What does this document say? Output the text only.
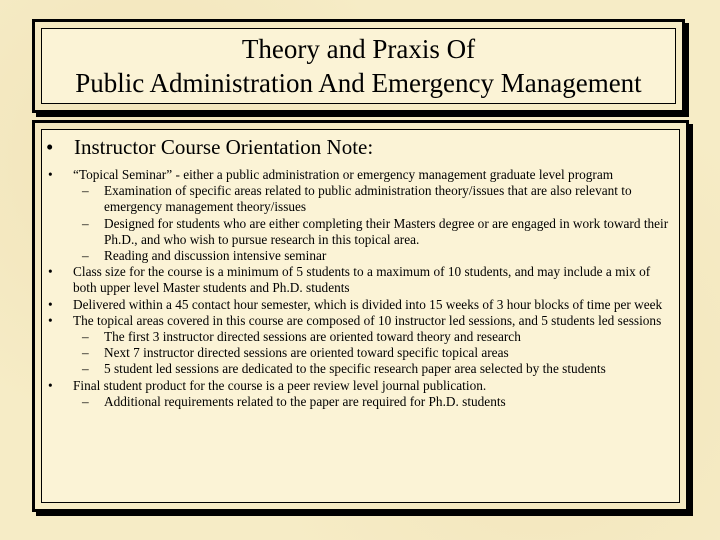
Theory and Praxis Of
Public Administration And Emergency Management
• Instructor Course Orientation Note:
• “Topical Seminar” - either a public administration or emergency management graduate level program
– Examination of specific areas related to public administration theory/issues that are also relevant to emergency management theory/issues
– Designed for students who are either completing their Masters degree or are engaged in work toward their Ph.D., and who wish to pursue research in this topical area.
– Reading and discussion intensive seminar
• Class size for the course is a minimum of 5 students to a maximum of 10 students, and may include a mix of both upper level Master students and Ph.D. students
• Delivered within a 45 contact hour semester, which is divided into 15 weeks of 3 hour blocks of time per week
• The topical areas covered in this course are composed of 10 instructor led sessions, and 5 students led sessions
– The first 3 instructor directed sessions are oriented toward theory and research
– Next 7 instructor directed sessions are oriented toward specific topical areas
– 5 student led sessions are dedicated to the specific research paper area selected by the students
• Final student product for the course is a peer review level journal publication.
– Additional requirements related to the paper are required for Ph.D. students
